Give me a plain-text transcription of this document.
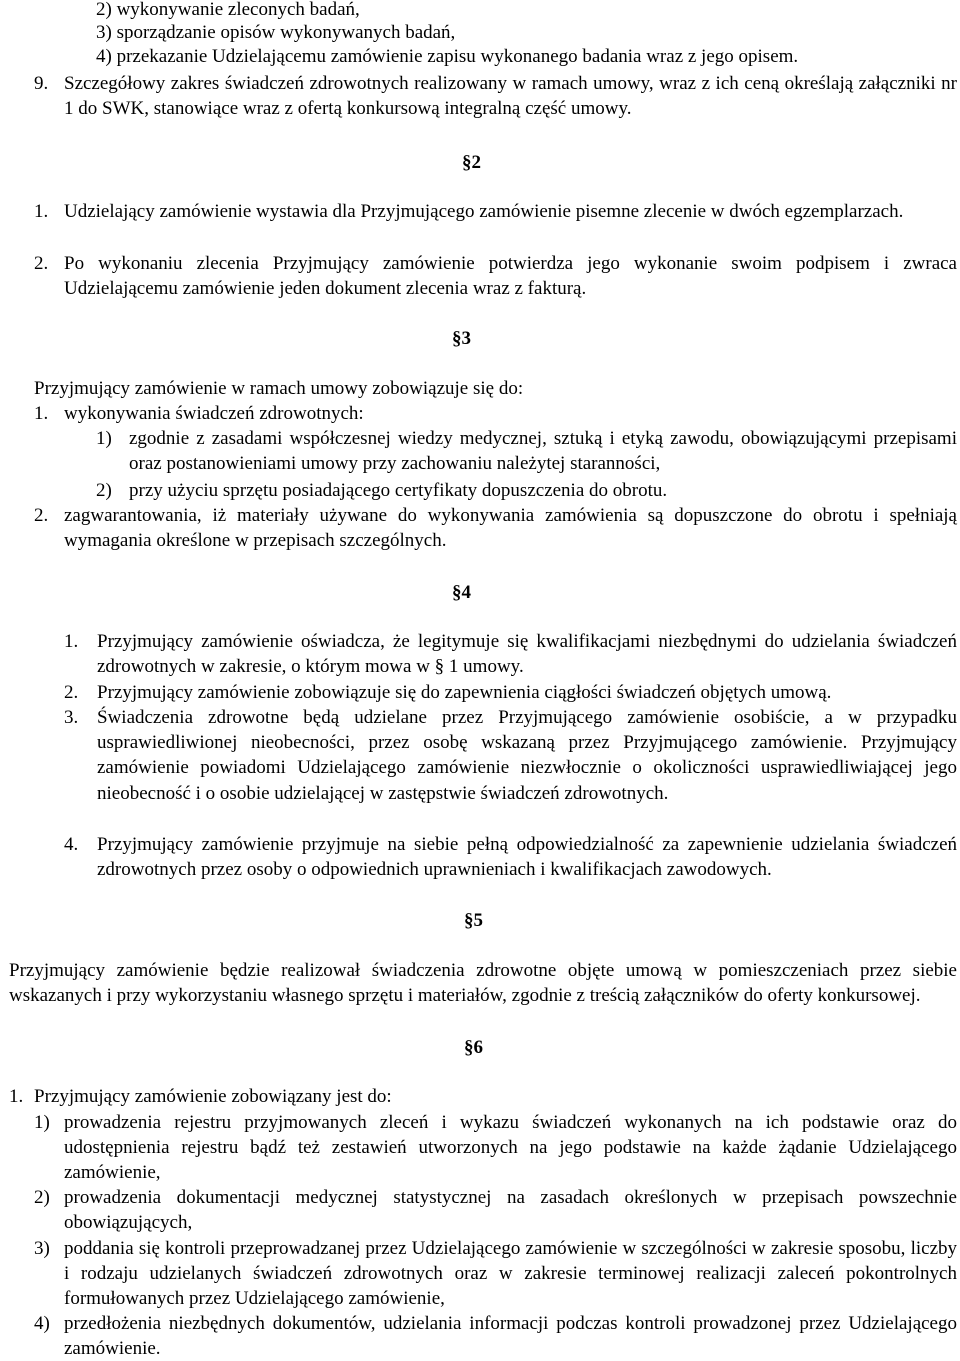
2) wykonywanie zleconych badań,
3) sporządzanie opisów wykonywanych badań,
4) przekazanie Udzielającemu zamówienie zapisu wykonanego badania wraz z jego opisem.
9. Szczegółowy zakres świadczeń zdrowotnych realizowany w ramach umowy, wraz z ich ceną określają załączniki nr 1 do SWK, stanowiące wraz z ofertą konkursową integralną część umowy.

§2
1. Udzielający zamówienie wystawia dla Przyjmującego zamówienie pisemne zlecenie w dwóch egzemplarzach.

2. Po wykonaniu zlecenia Przyjmujący zamówienie potwierdza jego wykonanie swoim podpisem i zwraca Udzielającemu zamówienie jeden dokument zlecenia wraz z fakturą.

§3
Przyjmujący zamówienie w ramach umowy zobowiązuje się do:
1. wykonywania świadczeń zdrowotnych:
1) zgodnie z zasadami współczesnej wiedzy medycznej, sztuką i etyką zawodu, obowiązującymi przepisami oraz postanowieniami umowy przy zachowaniu należytej staranności,

2) przy użyciu sprzętu posiadającego certyfikaty dopuszczenia do obrotu.
2. zagwarantowania, iż materiały używane do wykonywania zamówienia są dopuszczone do obrotu i spełniają wymagania określone w przepisach szczególnych.

§4
1. Przyjmujący zamówienie oświadcza, że legitymuje się kwalifikacjami niezbędnymi do udzielania świadczeń zdrowotnych w zakresie, o którym mowa w § 1 umowy.

2. Przyjmujący zamówienie zobowiązuje się do zapewnienia ciągłości świadczeń objętych umową.

3. Świadczenia zdrowotne będą udzielane przez Przyjmującego zamówienie osobiście, a w przypadku usprawiedliwionej nieobecności, przez osobę wskazaną przez Przyjmującego zamówienie. Przyjmujący zamówienie powiadomi Udzielającego zamówienie niezwłocznie o okoliczności usprawiedliwiającej jego nieobecność i o osobie udzielającej w zastępstwie świadczeń zdrowotnych.

4. Przyjmujący zamówienie przyjmuje na siebie pełną odpowiedzialność za zapewnienie udzielania świadczeń zdrowotnych przez osoby o odpowiednich uprawnieniach i kwalifikacjach zawodowych.

§5

Przyjmujący zamówienie będzie realizował świadczenia zdrowotne objęte umową w pomieszczeniach przez siebie wskazanych i przy wykorzystaniu własnego sprzętu i materiałów, zgodnie z treścią załączników do oferty konkursowej.

§6
1. Przyjmujący zamówienie zobowiązany jest do:
1) prowadzenia rejestru przyjmowanych zleceń i wykazu świadczeń wykonanych na ich podstawie oraz do udostępnienia rejestru bądź też zestawień utworzonych na jego podstawie na każde żądanie Udzielającego zamówienie,

2) prowadzenia dokumentacji medycznej statystycznej na zasadach określonych w przepisach powszechnie obowiązujących,

3) poddania się kontroli przeprowadzanej przez Udzielającego zamówienie w szczególności w zakresie sposobu, liczby i rodzaju udzielanych świadczeń zdrowotnych oraz w zakresie terminowej realizacji zaleceń pokontrolnych formułowanych przez Udzielającego zamówienie,

4) przedłożenia niezbędnych dokumentów, udzielania informacji podczas kontroli prowadzonej przez Udzielającego zamówienie.
